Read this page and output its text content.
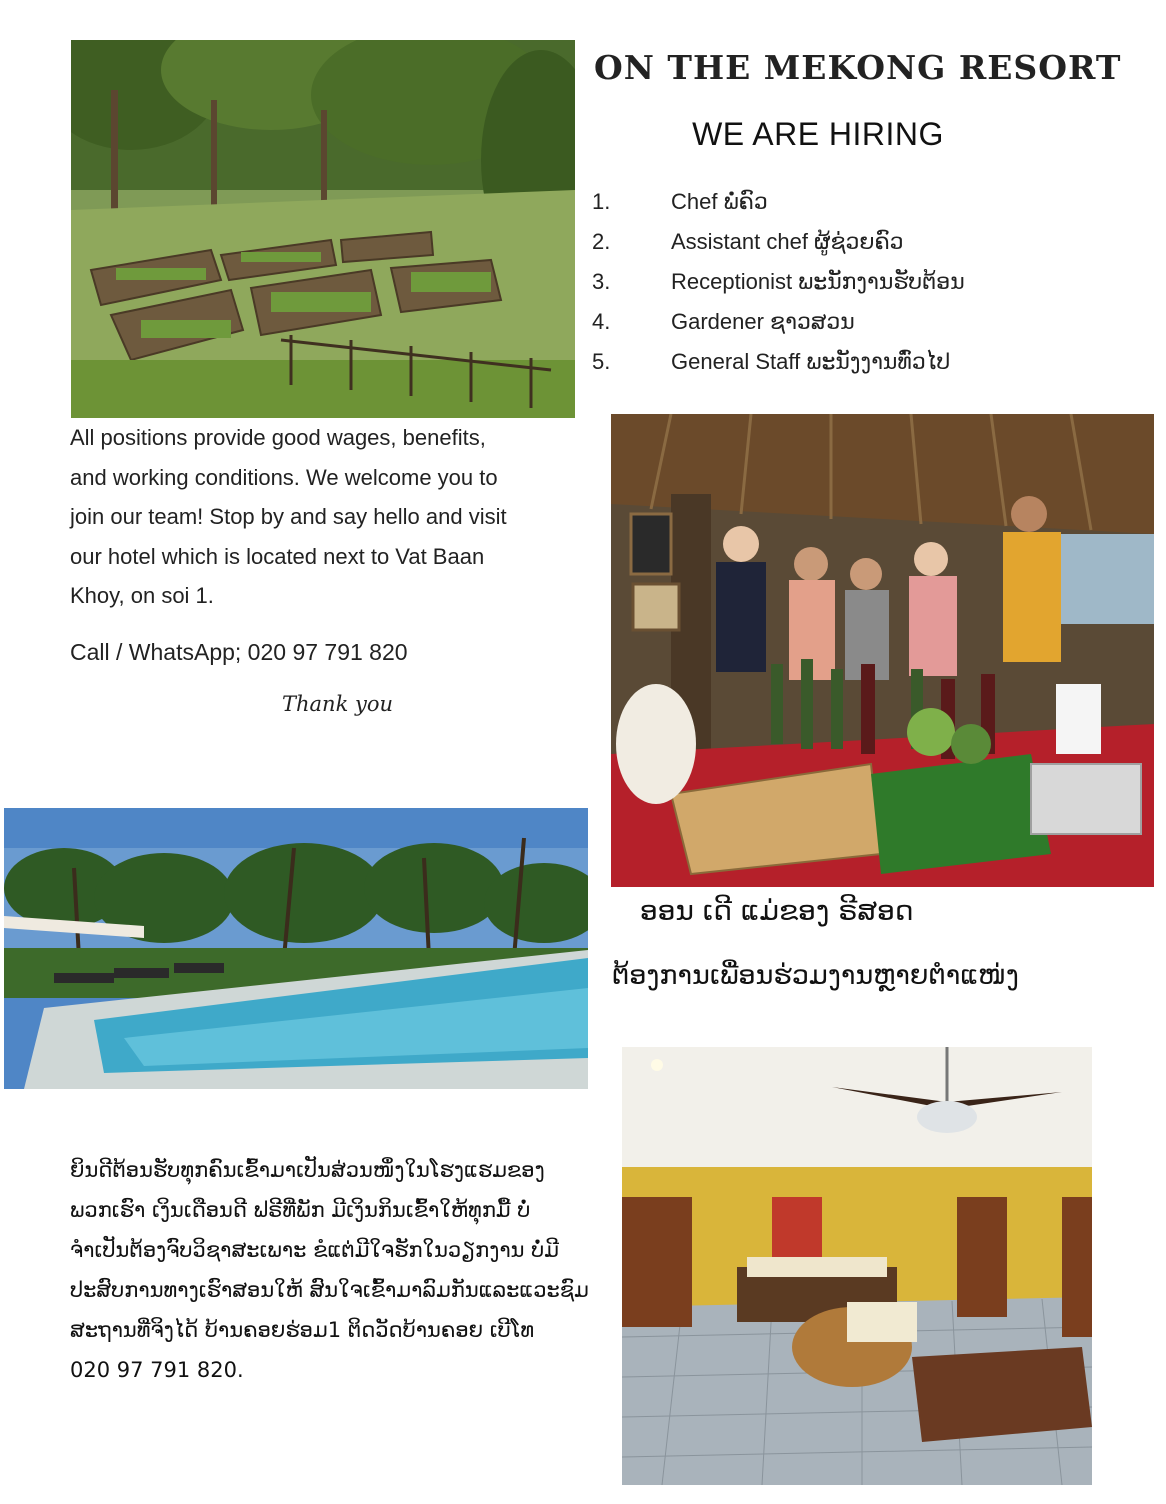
ON THE MEKONG RESORT
WE ARE HIRING
1.	Chef ພໍ່ຄົວ
2.	Assistant chef ຜູ້ຊ່ວຍຄົວ
3.	Receptionist ພະນັກງານຮັບຕ້ອນ
4.	Gardener ຊາວສວນ
5.	General Staff ພະນັງງານທົ່ວໄປ

All positions provide good wages, benefits,

and working conditions. We welcome you to

join our team! Stop by and say hello and visit

our hotel which is located next to Vat Baan

Khoy, on soi 1.

Call / WhatsApp; 020 97 791 820
Thank you
ອອນ ເດີ ແມ່ຂອງ ຣີສອດ
ຕ້ອງການເພື່ອນຮ່ວມງານຫຼາຍຕຳແໜ່ງ

ຍິນດີຕ້ອນຮັບທຸກຄົນເຂົ້າມາເປັນສ່ວນໜຶ່ງໃນໂຮງແຮມຂອງ

ພວກເຮົາ ເງິນເດືອນດີ ຟຣີທີ່ພັກ ມີເງິນກິນເຂົ້າໃຫ້ທຸກມື້ ບໍ່

ຈຳເປັນຕ້ອງຈົບວິຊາສະເພາະ ຂໍແຕ່ມີໃຈຮັກໃນວຽກງານ ບໍ່ມີ

ປະສົບການທາງເຮົາສອນໃຫ້ ສົນໃຈເຂົ້າມາລົມກັນແລະແວະຊົມ

ສະຖານທີ່ຈິງໄດ້ ບ້ານຄອຍຮ່ອມ1 ຕິດວັດບ້ານຄອຍ ເບີໂທ

020 97 791 820.
